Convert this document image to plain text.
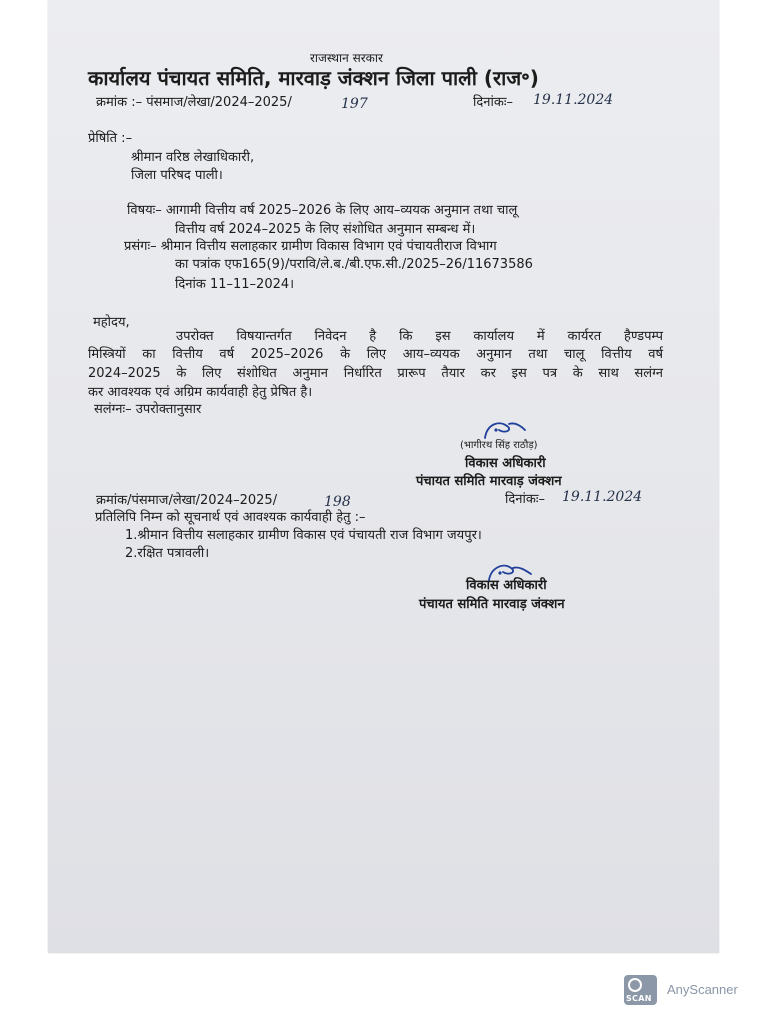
राजस्थान सरकार
कार्यालय पंचायत समिति, मारवाड़ जंक्शन जिला पाली (राज॰)
क्रमांक :– पंसमाज/लेखा/2024–2025/	197	दिनांकः– 19.11.2024
प्रेषिति :–
श्रीमान वरिष्ठ लेखाधिकारी,
जिला परिषद पाली।
विषयः– आगामी वित्तीय वर्ष 2025–2026 के लिए आय–व्ययक अनुमान तथा चालू
वित्तीय वर्ष 2024–2025 के लिए संशोधित अनुमान सम्बन्ध में।
प्रसंगः– श्रीमान वित्तीय सलाहकार ग्रामीण विकास विभाग एवं पंचायतीराज विभाग
का पत्रांक एफ165(9)/परावि/ले.ब./बी.एफ.सी./2025–26/11673586
दिनांक 11–11–2024।
महोदय,
उपरोक्त विषयान्तर्गत निवेदन है कि इस कार्यालय में कार्यरत हैण्डपम्प
मिस्त्रियों का वित्तीय वर्ष 2025–2026 के लिए आय–व्ययक अनुमान तथा चालू वित्तीय वर्ष
2024–2025 के लिए संशोधित अनुमान निर्धारित प्रारूप तैयार कर इस पत्र के साथ सलंग्न
कर आवश्यक एवं अग्रिम कार्यवाही हेतु प्रेषित है।
सलंग्नः– उपरोक्तानुसार
(भागीरथ सिंह राठौड़)
विकास अधिकारी
पंचायत समिति मारवाड़ जंक्शन
क्रमांक/पंसमाज/लेखा/2024–2025/	198	दिनांकः– 19.11.2024
प्रतिलिपि निम्न को सूचनार्थ एवं आवश्यक कार्यवाही हेतु :–
1.श्रीमान वित्तीय सलाहकार ग्रामीण विकास एवं पंचायती राज विभाग जयपुर।
2.रक्षित पत्रावली।
विकास अधिकारी
पंचायत समिति मारवाड़ जंक्शन
SCAN
AnyScanner
